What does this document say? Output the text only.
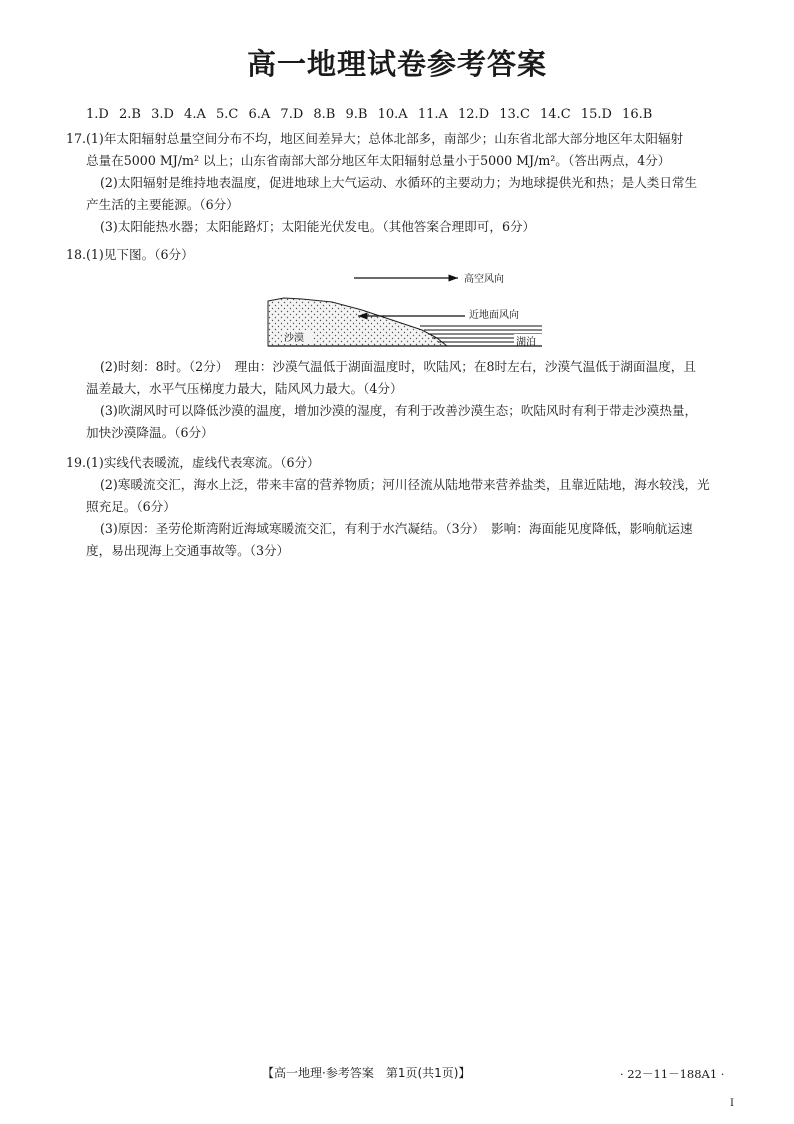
高一地理试卷参考答案
1.D 2.B 3.D 4.A 5.C 6.A 7.D 8.B 9.B 10.A 11.A 12.D 13.C 14.C 15.D 16.B
17. (1)年太阳辐射总量空间分布不均，地区间差异大；总体北部多，南部少；山东省北部大部分地区年太阳辐射
总量在5000 MJ/m² 以上；山东省南部大部分地区年太阳辐射总量小于5000 MJ/m²。（答出两点，4分）
(2)太阳辐射是维持地表温度，促进地球上大气运动、水循环的主要动力；为地球提供光和热；是人类日常生
产生活的主要能源。（6分）
(3)太阳能热水器；太阳能路灯；太阳能光伏发电。（其他答案合理即可，6分）
18. (1)见下图。（6分）
高空风向
近地面风向
沙漠	湖泊
(2)时刻：8时。（2分）　理由：沙漠气温低于湖面温度时，吹陆风；在8时左右，沙漠气温低于湖面温度，且
温差最大，水平气压梯度力最大，陆风风力最大。（4分）
(3)吹湖风时可以降低沙漠的温度，增加沙漠的湿度，有利于改善沙漠生态；吹陆风时有利于带走沙漠热量，
加快沙漠降温。（6分）
19. (1)实线代表暖流，虚线代表寒流。（6分）
(2)寒暖流交汇，海水上泛，带来丰富的营养物质；河川径流从陆地带来营养盐类，且靠近陆地，海水较浅，光
照充足。（6分）
(3)原因：圣劳伦斯湾附近海域寒暖流交汇，有利于水汽凝结。（3分）　影响：海面能见度降低，影响航运速
度，易出现海上交通事故等。（3分）
【高一地理·参考答案　第1页(共1页)】	· 22－11－188A1 ·
I
